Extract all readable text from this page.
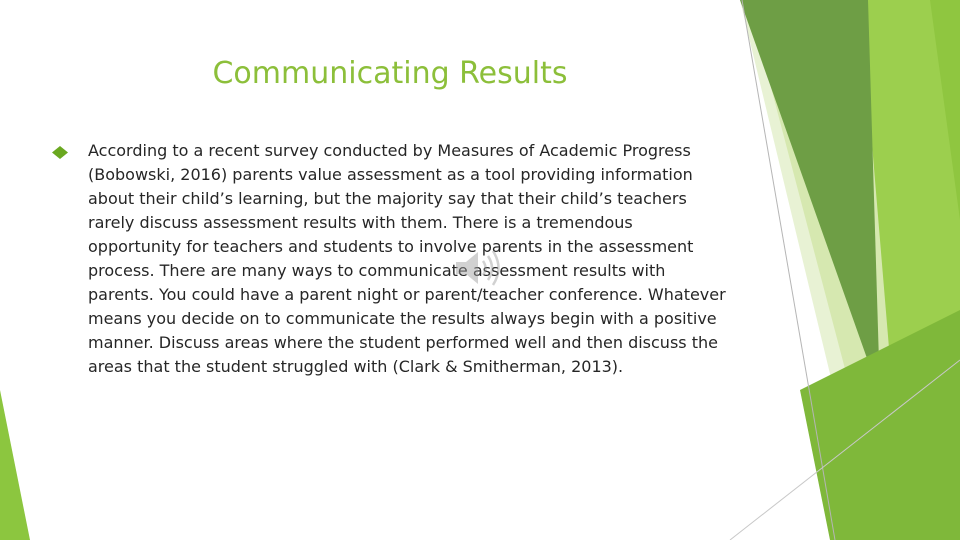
Communicating Results

According to a recent survey conducted by Measures of Academic Progress (Bobowski, 2016) parents value assessment as a tool providing information about their child’s learning, but the majority say that their child’s teachers rarely discuss assessment results with them. There is a tremendous opportunity for teachers and students to involve parents in the assessment process. There are many ways to communicate assessment results with parents. You could have a parent night or parent/teacher conference. Whatever means you decide on to communicate the results always begin with a positive manner. Discuss areas where the student performed well and then discuss the areas that the student struggled with (Clark & Smitherman, 2013).
